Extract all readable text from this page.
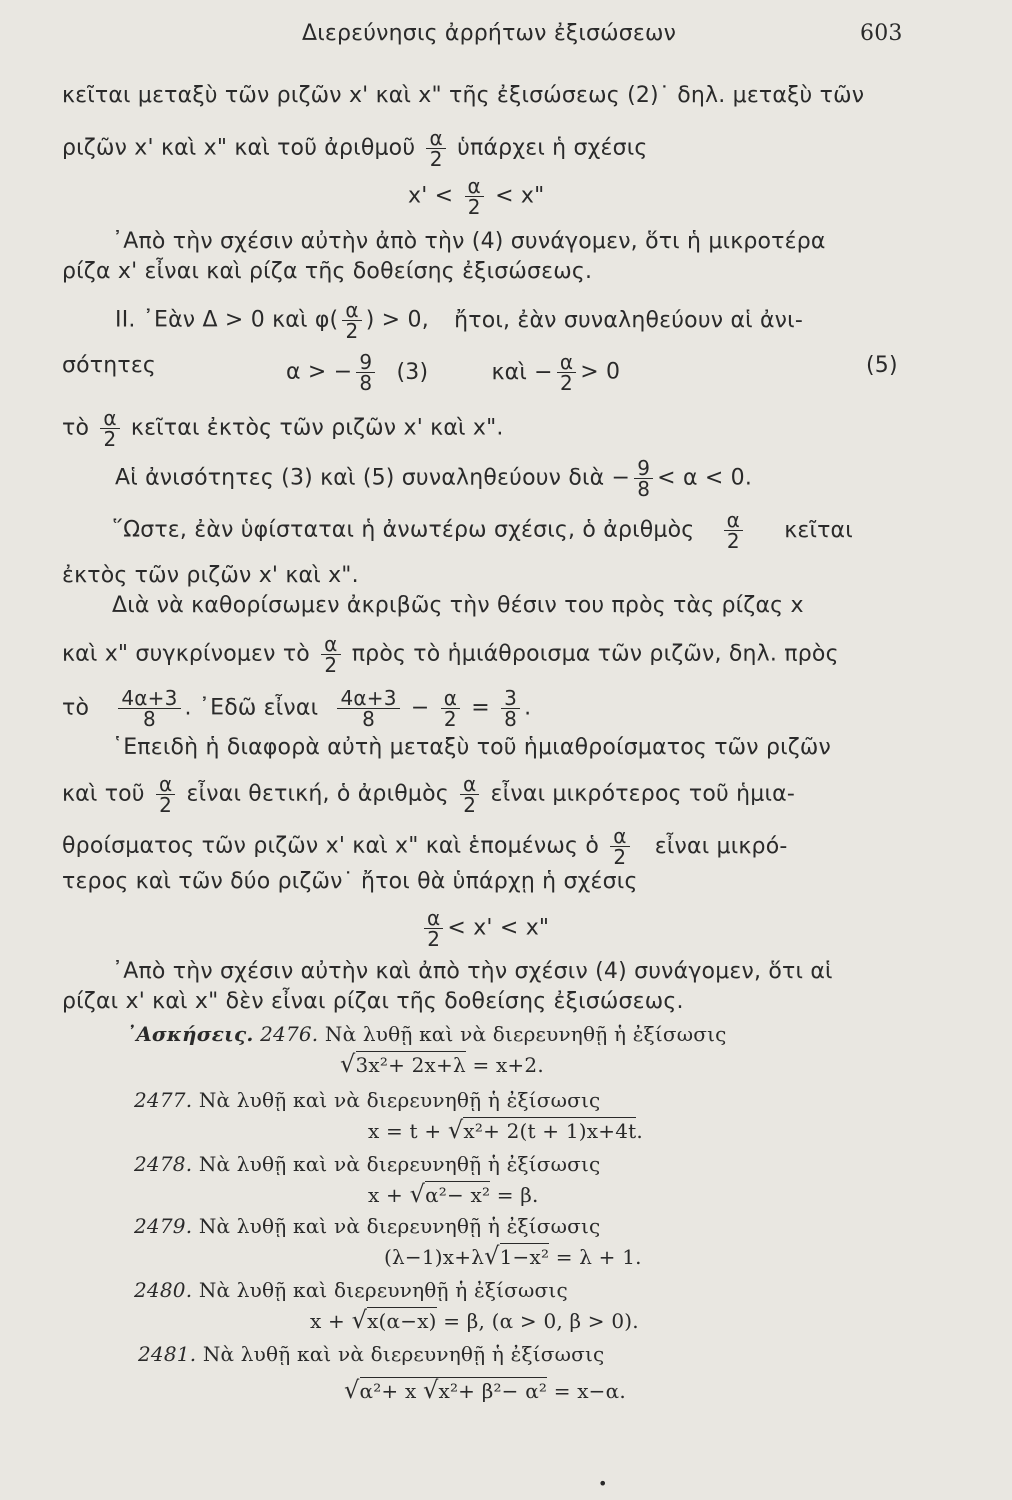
Διερεύνησις ἀρρήτων ἐξισώσεων	603
κεῖται μεταξὺ τῶν ριζῶν x' καὶ x" τῆς ἐξισώσεως (2)˙ δηλ. μεταξὺ τῶν
ριζῶν x' καὶ x" καὶ τοῦ ἀριθμοῦ $\frac{\alpha}{2}$ ὑπάρχει ἡ σχέσις
$x' < \frac{\alpha}{2} < x$"
᾽Απὸ τὴν σχέσιν αὐτὴν ἀπὸ τὴν (4) συνάγομεν, ὅτι ἡ μικροτέρα
ρίζα x' εἶναι καὶ ρίζα τῆς δοθείσης ἐξισώσεως.
II. ᾽Εὰν Δ > 0 καὶ $\varphi( \frac{\alpha}{2}$ ) > 0, ἤτοι, ἐὰν συναληθεύουν αἱ ἀνι-
σότητες	α > − $\frac{9}{8} (3)$	καὶ − $\frac{\alpha}{2} > 0$	(5)
τὸ $\frac{\alpha}{2}$ κεῖται ἐκτὸς τῶν ριζῶν x' καὶ x".
Αἱ ἀνισότητες (3) καὶ (5) συναληθεύουν διὰ − $\frac{9}{8} < \alpha < 0$.
῞Ωστε, ἐὰν ὑφίσταται ἡ ἀνωτέρω σχέσις, ὁ ἀριθμὸς $\frac{\alpha}{2}$ κεῖται
ἐκτὸς τῶν ριζῶν x' καὶ x".
Διὰ νὰ καθορίσωμεν ἀκριβῶς τὴν θέσιν του πρὸς τὰς ρίζας x
καὶ x" συγκρίνομεν τὸ $\frac{\alpha}{2}$ πρὸς τὸ ἡμιάθροισμα τῶν ριζῶν, δηλ. πρὸς
τὸ $\frac{4\alpha+3}{8}$ . ᾽Εδῶ εἶναι $\frac{4\alpha+3}{8} - \frac{\alpha}{2} = \frac{3}{8}$ .
῾Επειδὴ ἡ διαφορὰ αὐτὴ μεταξὺ τοῦ ἡμιαθροίσματος τῶν ριζῶν
καὶ τοῦ $\frac{\alpha}{2}$ εἶναι θετική, ὁ ἀριθμὸς $\frac{\alpha}{2}$ εἶναι μικρότερος τοῦ ἡμια-
θροίσματος τῶν ριζῶν x' καὶ x" καὶ ἑπομένως ὁ $\frac{\alpha}{2}$ εἶναι μικρό-
τερος καὶ τῶν δύο ριζῶν˙ ἤτοι θὰ ὑπάρχῃ ἡ σχέσις
$\frac{\alpha}{2} < x' < x$"
᾽Απὸ τὴν σχέσιν αὐτὴν καὶ ἀπὸ τὴν σχέσιν (4) συνάγομεν, ὅτι αἱ
ρίζαι x' καὶ x" δὲν εἶναι ρίζαι τῆς δοθείσης ἐξισώσεως.
᾽Ασκήσεις. 2476. Νὰ λυθῇ καὶ νὰ διερευνηθῇ ἡ ἐξίσωσις
√3x²+ 2x+λ = x+2.
2477. Νὰ λυθῇ καὶ νὰ διερευνηθῇ ἡ ἐξίσωσις
x = t + √x²+ 2(t + 1)x+4t.
2478. Νὰ λυθῇ καὶ νὰ διερευνηθῇ ἡ ἐξίσωσις
x + √α²− x² = β.
2479. Νὰ λυθῇ καὶ νὰ διερευνηθῇ ἡ ἐξίσωσις
(λ−1)x+λ√1−x² = λ + 1.
2480. Νὰ λυθῇ καὶ διερευνηθῇ ἡ ἐξίσωσις
x + √x(α−x) = β, (α > 0, β > 0).
2481. Νὰ λυθῇ καὶ νὰ διερευνηθῇ ἡ ἐξίσωσις
√α²+ x √x²+ β²− α² = x−α.
•
